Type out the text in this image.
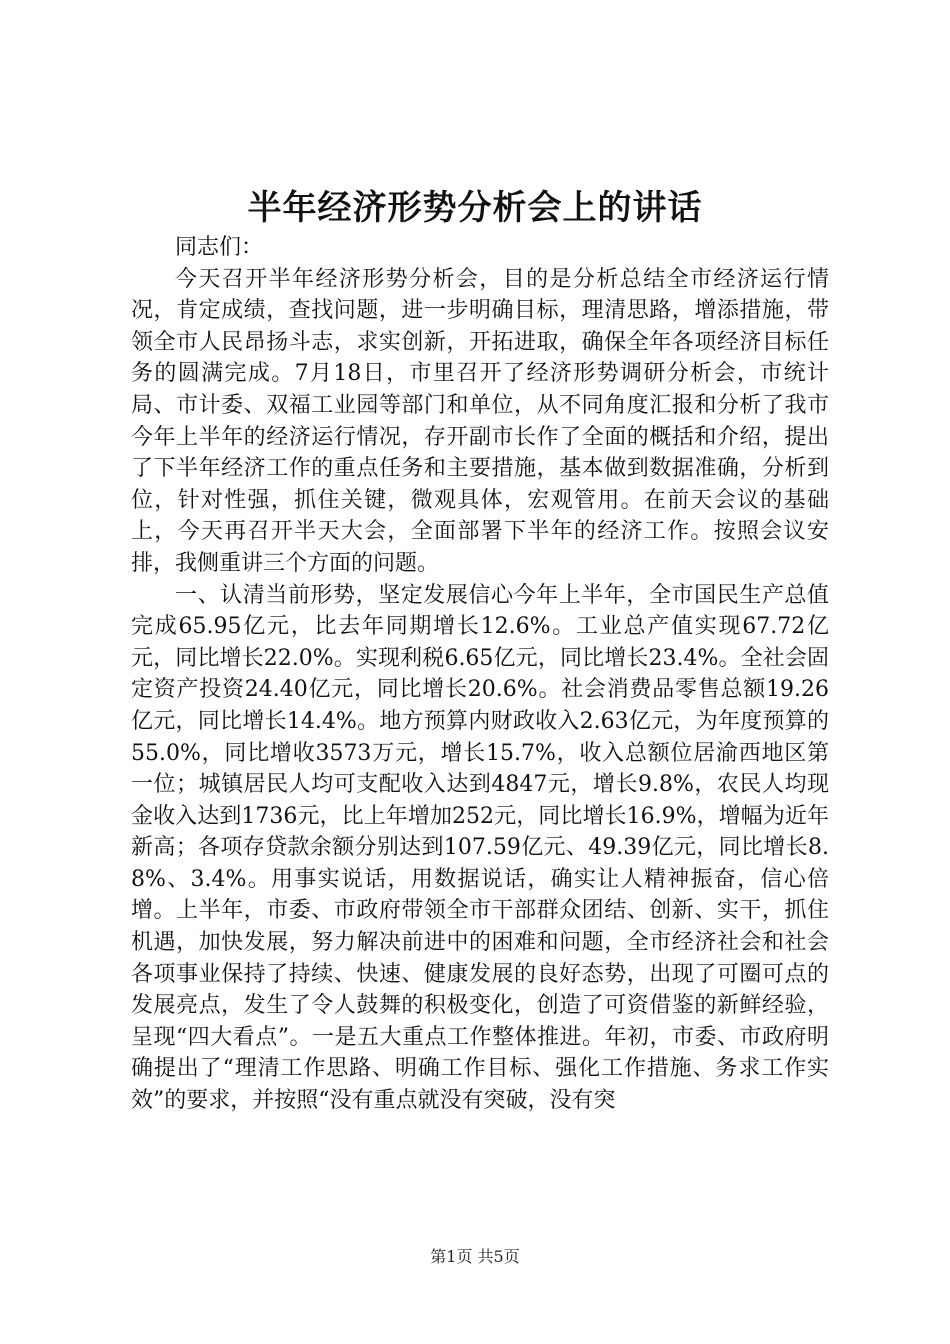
半年经济形势分析会上的讲话

同志们：

今天召开半年经济形势分析会，目的是分析总结全市经济运行情况，肯定成绩，查找问题，进一步明确目标，理清思路，增添措施，带领全市人民昂扬斗志，求实创新，开拓进取，确保全年各项经济目标任务的圆满完成。7月18日，市里召开了经济形势调研分析会，市统计局、市计委、双福工业园等部门和单位，从不同角度汇报和分析了我市今年上半年的经济运行情况，存开副市长作了全面的概括和介绍，提出了下半年经济工作的重点任务和主要措施，基本做到数据准确，分析到位，针对性强，抓住关键，微观具体，宏观管用。在前天会议的基础上，今天再召开半天大会，全面部署下半年的经济工作。按照会议安排，我侧重讲三个方面的问题。

一、认清当前形势，坚定发展信心今年上半年，全市国民生产总值完成65.95亿元，比去年同期增长12.6%。工业总产值实现67.72亿元，同比增长22.0%。实现利税6.65亿元，同比增长23.4%。全社会固定资产投资24.40亿元，同比增长20.6%。社会消费品零售总额19.26亿元，同比增长14.4%。地方预算内财政收入2.63亿元，为年度预算的55.0%，同比增收3573万元，增长15.7%，收入总额位居渝西地区第一位；城镇居民人均可支配收入达到4847元，增长9.8%，农民人均现金收入达到1736元，比上年增加252元，同比增长16.9%，增幅为近年新高；各项存贷款余额分别达到107.59亿元、49.39亿元，同比增长8.8%、3.4%。用事实说话，用数据说话，确实让人精神振奋，信心倍增。上半年，市委、市政府带领全市干部群众团结、创新、实干，抓住机遇，加快发展，努力解决前进中的困难和问题，全市经济社会和社会各项事业保持了持续、快速、健康发展的良好态势，出现了可圈可点的发展亮点，发生了令人鼓舞的积极变化，创造了可资借鉴的新鲜经验，呈现“四大看点”。一是五大重点工作整体推进。年初，市委、市政府明确提出了“理清工作思路、明确工作目标、强化工作措施、务求工作实效”的要求，并按照“没有重点就没有突破，没有突

第1页 共5页
